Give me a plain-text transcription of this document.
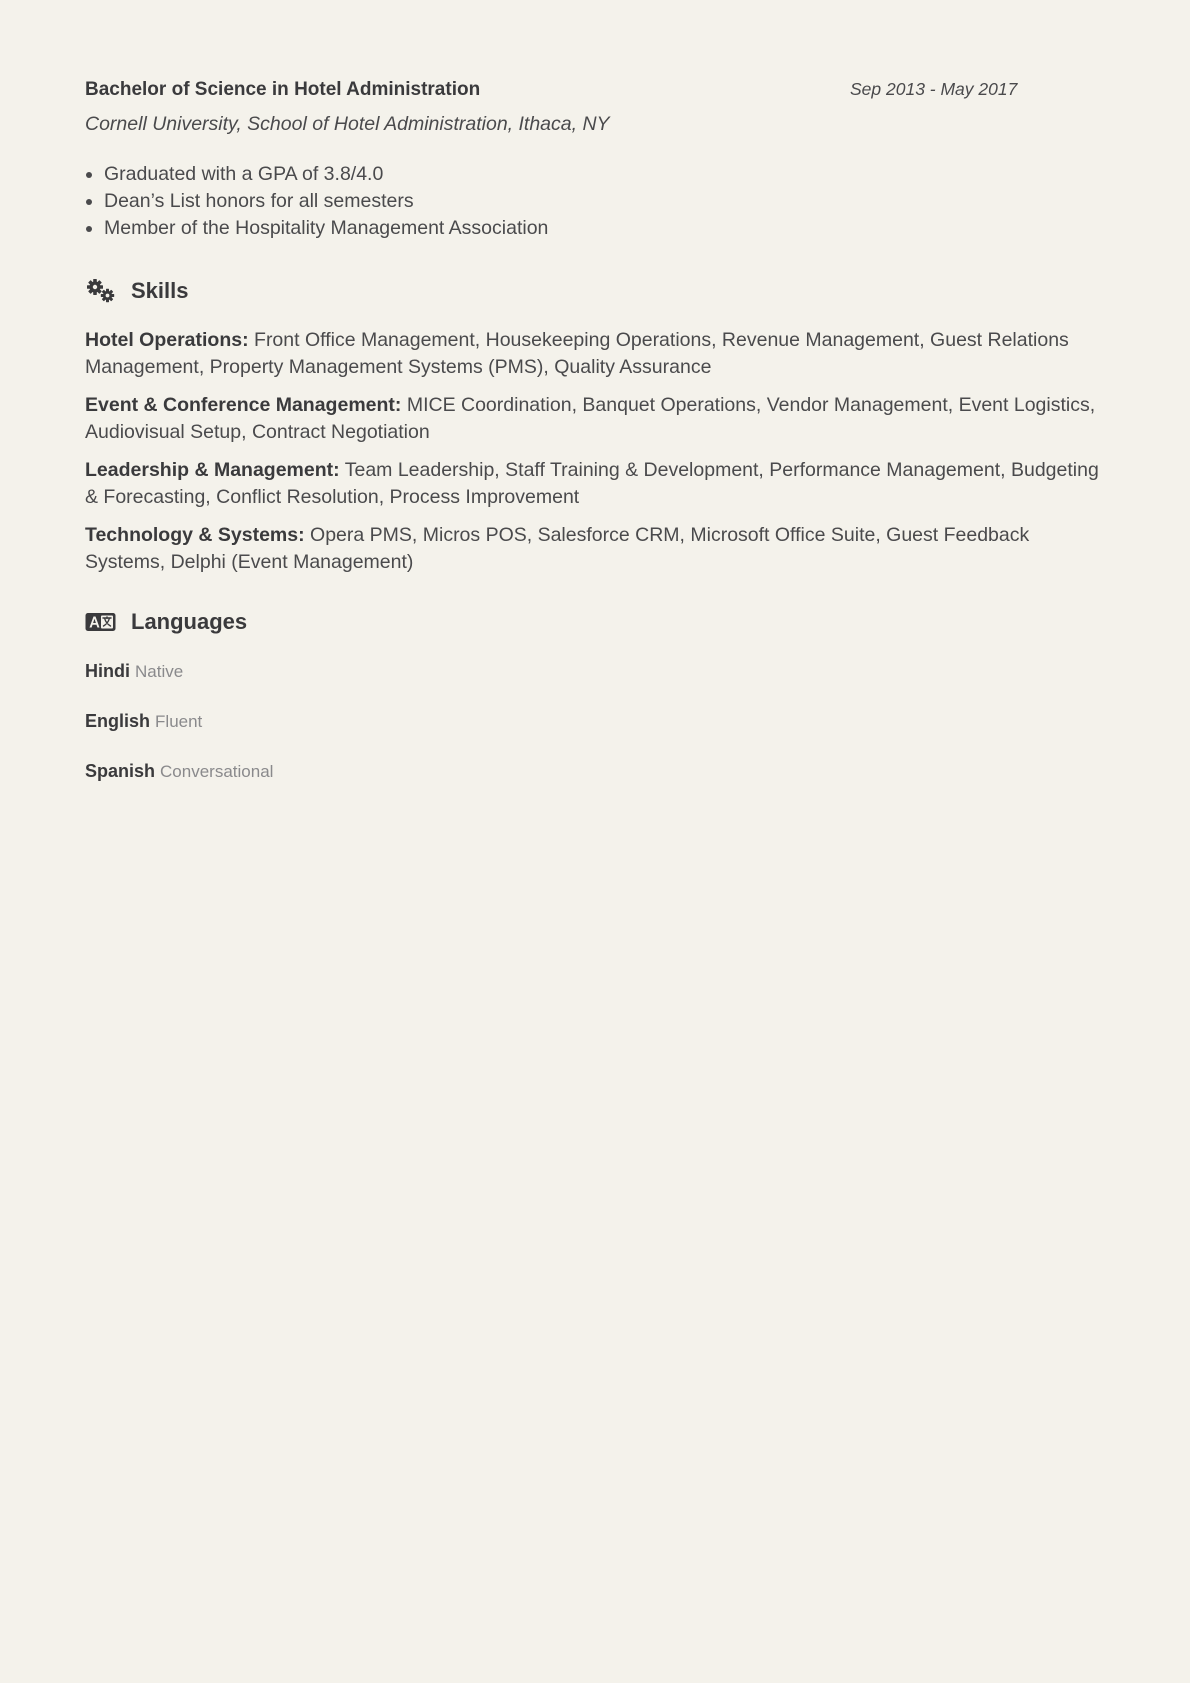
Bachelor of Science in Hotel Administration	Sep 2013 - May 2017
Cornell University, School of Hotel Administration, Ithaca, NY
• Graduated with a GPA of 3.8/4.0
• Dean’s List honors for all semesters
• Member of the Hospitality Management Association
Skills
Hotel Operations: Front Office Management, Housekeeping Operations, Revenue Management, Guest Relations Management, Property Management Systems (PMS), Quality Assurance
Event & Conference Management: MICE Coordination, Banquet Operations, Vendor Management, Event Logistics, Audiovisual Setup, Contract Negotiation
Leadership & Management: Team Leadership, Staff Training & Development, Performance Management, Budgeting & Forecasting, Conflict Resolution, Process Improvement
Technology & Systems: Opera PMS, Micros POS, Salesforce CRM, Microsoft Office Suite, Guest Feedback Systems, Delphi (Event Management)
Languages
Hindi Native
English Fluent
Spanish Conversational
